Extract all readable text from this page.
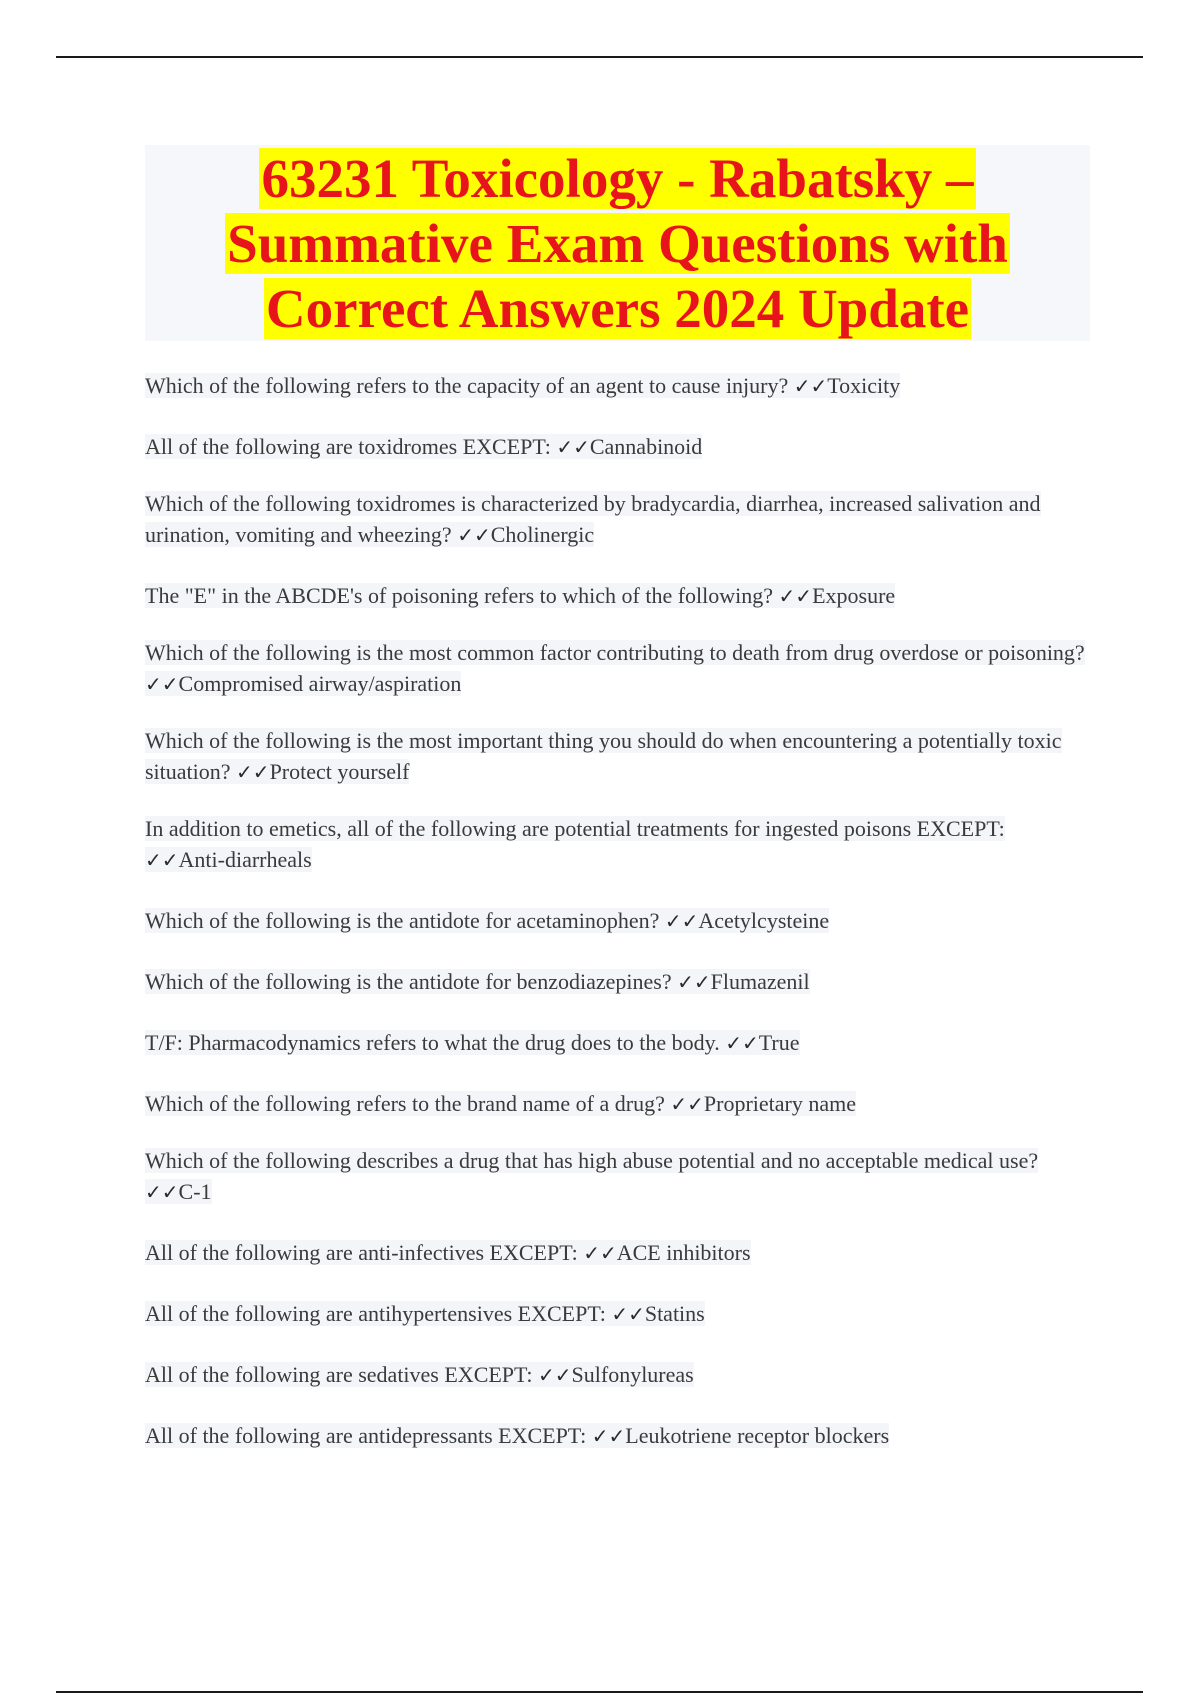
63231 Toxicology - Rabatsky –
Summative Exam Questions with
Correct Answers 2024 Update

Which of the following refers to the capacity of an agent to cause injury? ✓✓Toxicity

All of the following are toxidromes EXCEPT: ✓✓Cannabinoid

Which of the following toxidromes is characterized by bradycardia, diarrhea, increased salivation and urination, vomiting and wheezing? ✓✓Cholinergic

The "E" in the ABCDE's of poisoning refers to which of the following? ✓✓Exposure

Which of the following is the most common factor contributing to death from drug overdose or poisoning? ✓✓Compromised airway/aspiration

Which of the following is the most important thing you should do when encountering a potentially toxic situation? ✓✓Protect yourself

In addition to emetics, all of the following are potential treatments for ingested poisons EXCEPT: ✓✓Anti-diarrheals

Which of the following is the antidote for acetaminophen? ✓✓Acetylcysteine

Which of the following is the antidote for benzodiazepines? ✓✓Flumazenil

T/F: Pharmacodynamics refers to what the drug does to the body. ✓✓True

Which of the following refers to the brand name of a drug? ✓✓Proprietary name

Which of the following describes a drug that has high abuse potential and no acceptable medical use? ✓✓C-1

All of the following are anti-infectives EXCEPT: ✓✓ACE inhibitors

All of the following are antihypertensives EXCEPT: ✓✓Statins

All of the following are sedatives EXCEPT: ✓✓Sulfonylureas

All of the following are antidepressants EXCEPT: ✓✓Leukotriene receptor blockers
